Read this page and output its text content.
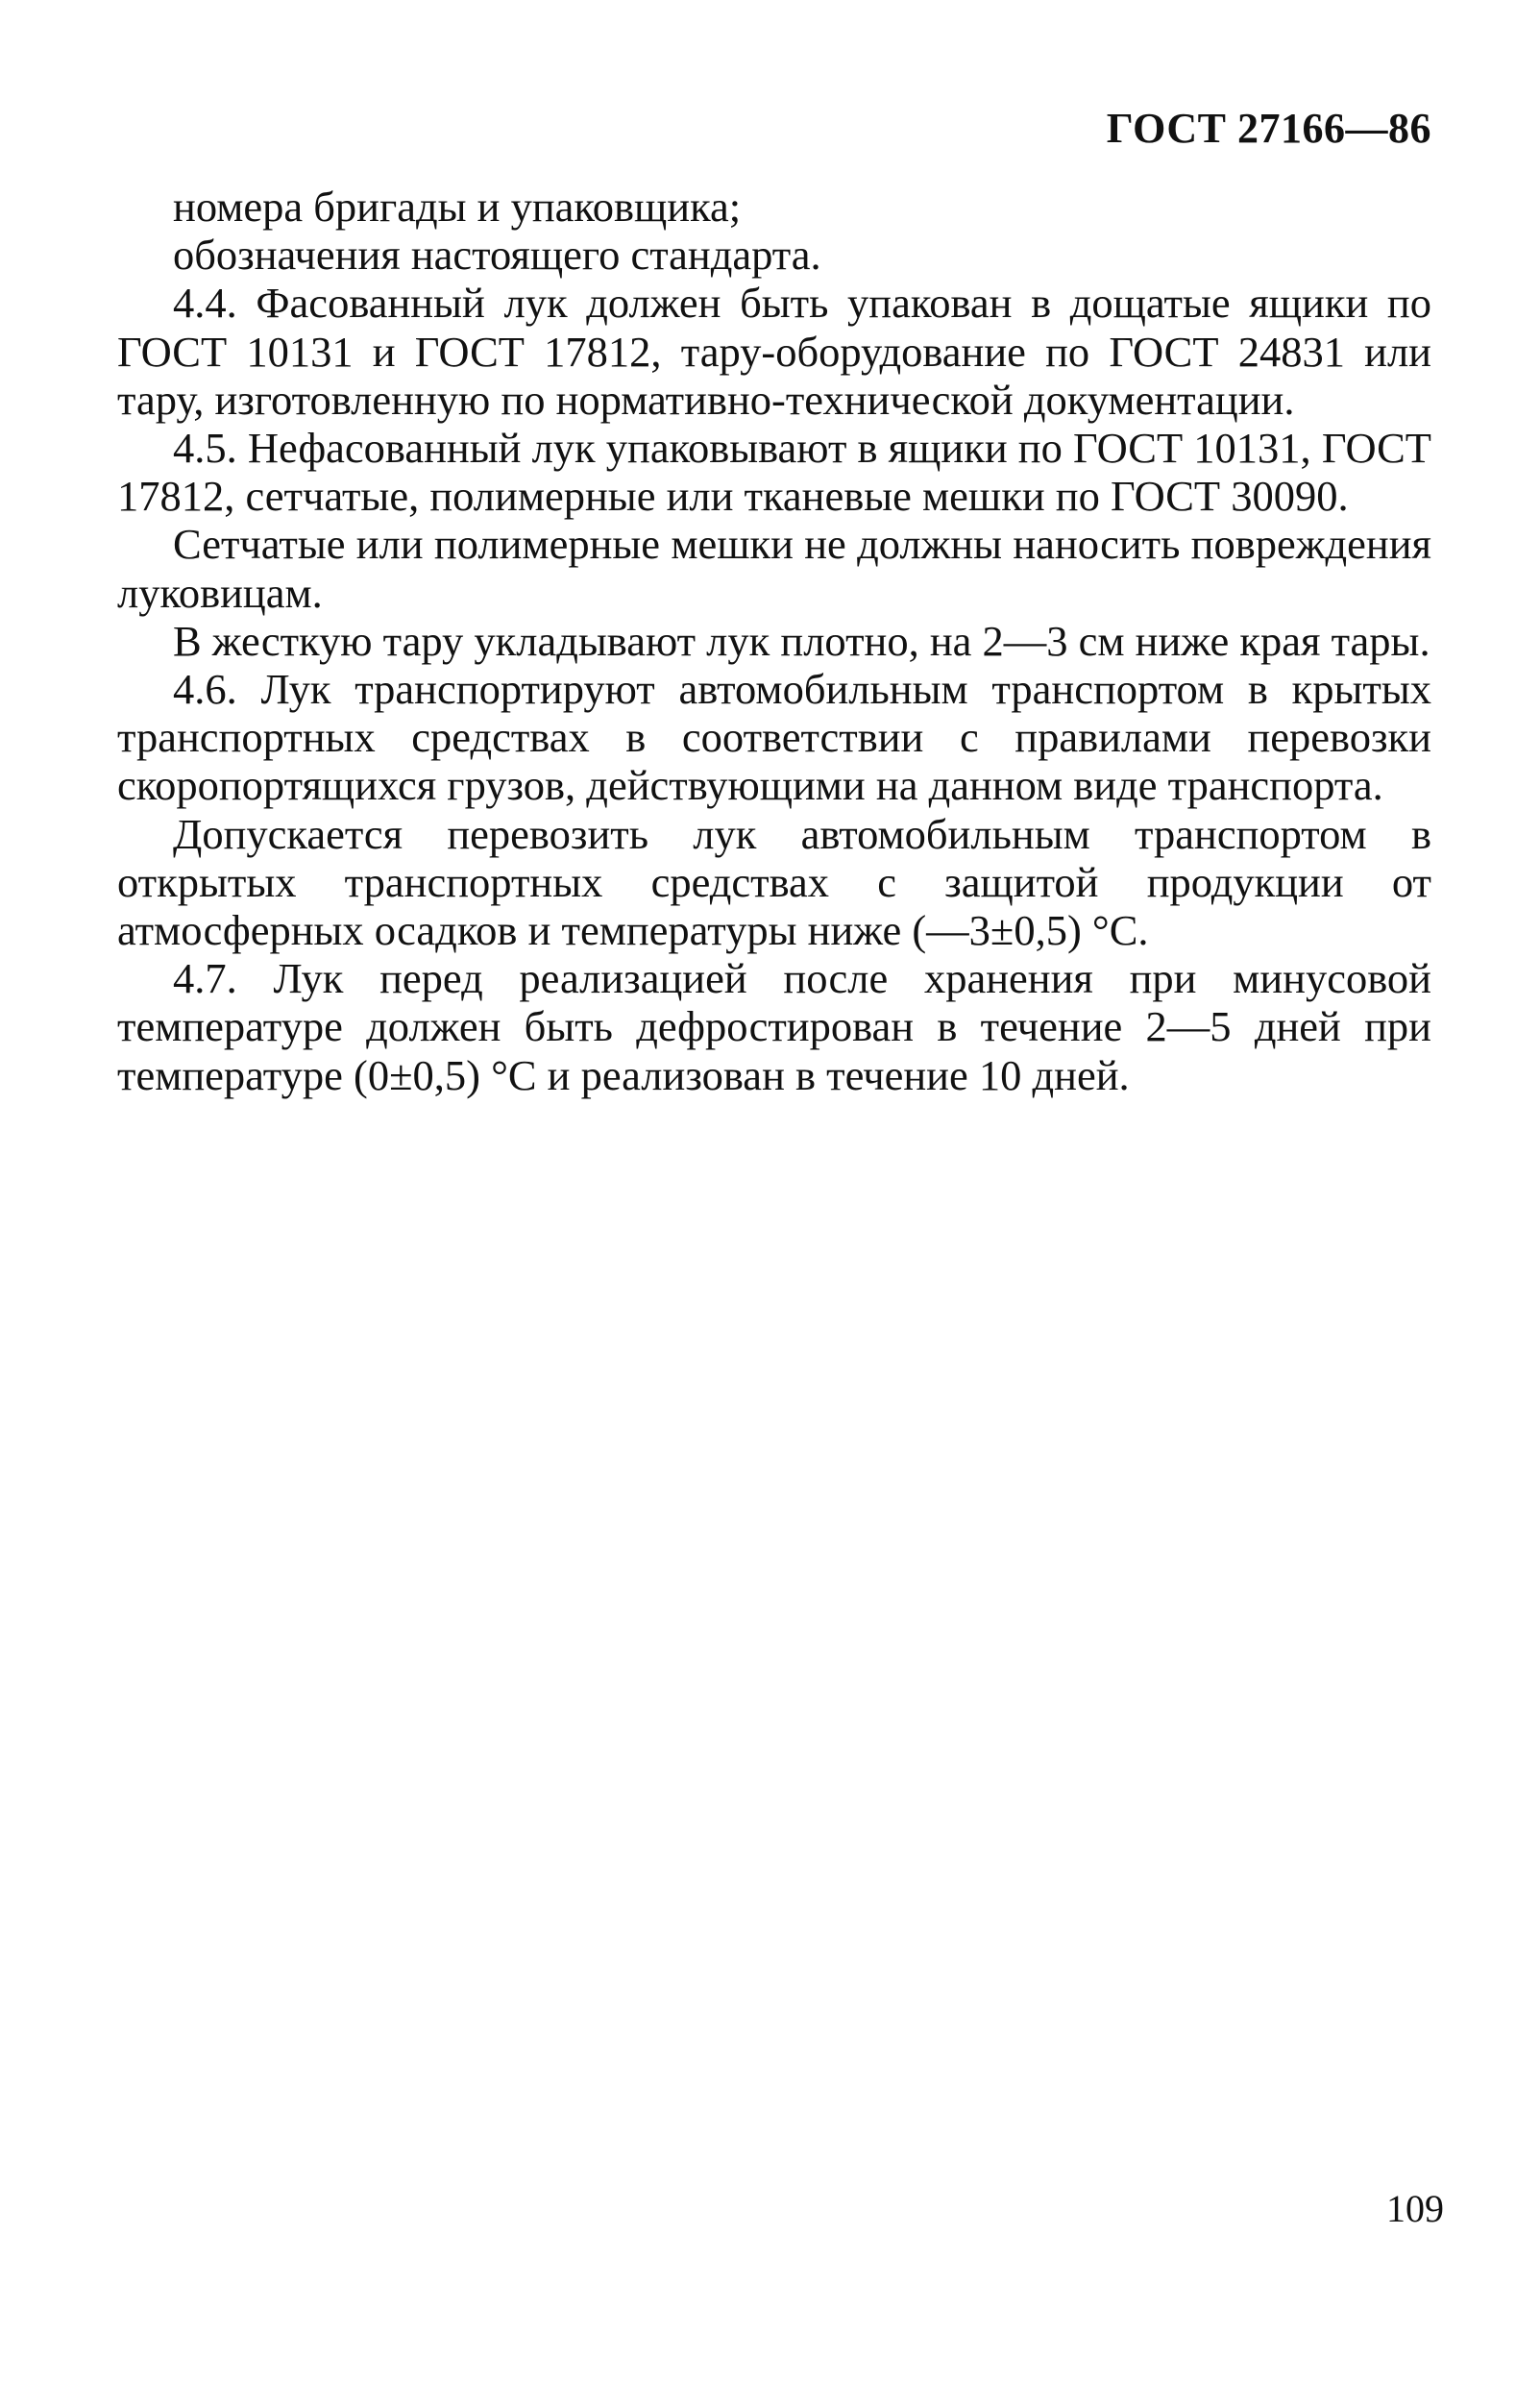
ГОСТ 27166—86

номера бригады и упаковщика;

обозначения настоящего стандарта.

4.4. Фасованный лук должен быть упакован в дощатые ящики по ГОСТ 10131 и ГОСТ 17812, тару-оборудование по ГОСТ 24831 или тару, изготовленную по нормативно-технической документации.

4.5. Нефасованный лук упаковывают в ящики по ГОСТ 10131, ГОСТ 17812, сетчатые, полимерные или тканевые мешки по ГОСТ 30090.

Сетчатые или полимерные мешки не должны наносить повреждения луковицам.

В жесткую тару укладывают лук плотно, на 2—3 см ниже края тары.

4.6. Лук транспортируют автомобильным транспортом в крытых транспортных средствах в соответствии с правилами перевозки скоропортящихся грузов, действующими на данном виде транспорта.

Допускается перевозить лук автомобильным транспортом в открытых транспортных средствах с защитой продукции от атмосферных осадков и температуры ниже (—3±0,5) °С.

4.7. Лук перед реализацией после хранения при минусовой температуре должен быть дефростирован в течение 2—5 дней при температуре (0±0,5) °С и реализован в течение 10 дней.

109
